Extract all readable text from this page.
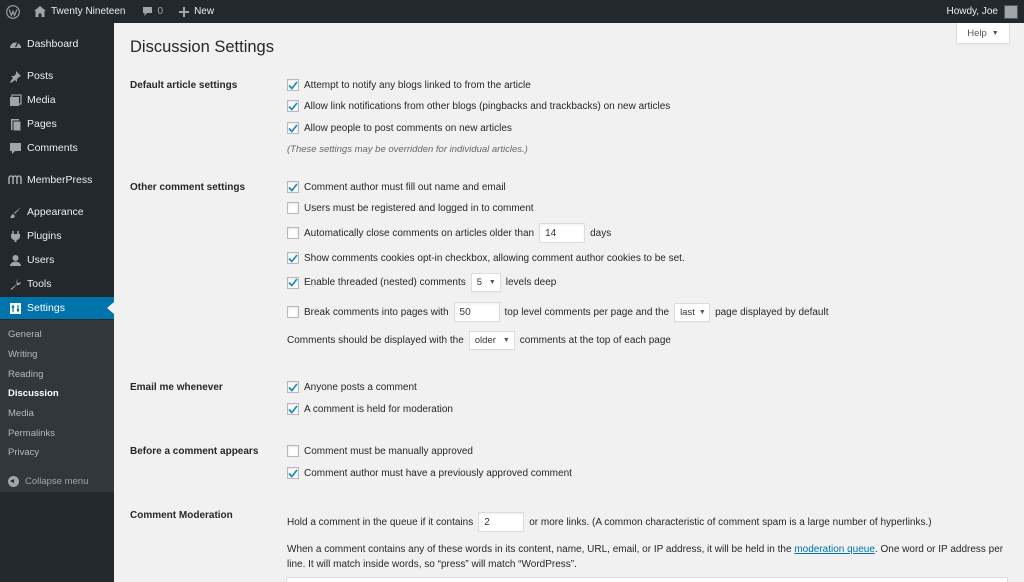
Twenty Nineteen	0	New	Howdy, Joe
Dashboard
Posts
Media
Pages
Comments
MemberPress
Appearance
Plugins
Users
Tools
Settings
General
Writing
Reading
Discussion
Media
Permalinks
Privacy
Collapse menu
Help ▼
Discussion Settings
Default article settings	Attempt to notify any blogs linked to from the article
Allow link notifications from other blogs (pingbacks and trackbacks) on new articles
Allow people to post comments on new articles
(These settings may be overridden for individual articles.)
Other comment settings	Comment author must fill out name and email
Users must be registered and logged in to comment
Automatically close comments on articles older than	14	days
Show comments cookies opt-in checkbox, allowing comment author cookies to be set.
Enable threaded (nested) comments 5 ▼ levels deep
Break comments into pages with	50	top level comments per page and the last ▼ page displayed by default
Comments should be displayed with the older ▼ comments at the top of each page
Email me whenever	Anyone posts a comment
A comment is held for moderation
Before a comment appears	Comment must be manually approved
Comment author must have a previously approved comment
Comment Moderation
Hold a comment in the queue if it contains	2	or more links. (A common characteristic of comment spam is a large number of hyperlinks.)
When a comment contains any of these words in its content, name, URL, email, or IP address, it will be held in the moderation queue. One word or IP address per line. It will match inside words, so “press” will match “WordPress”.
